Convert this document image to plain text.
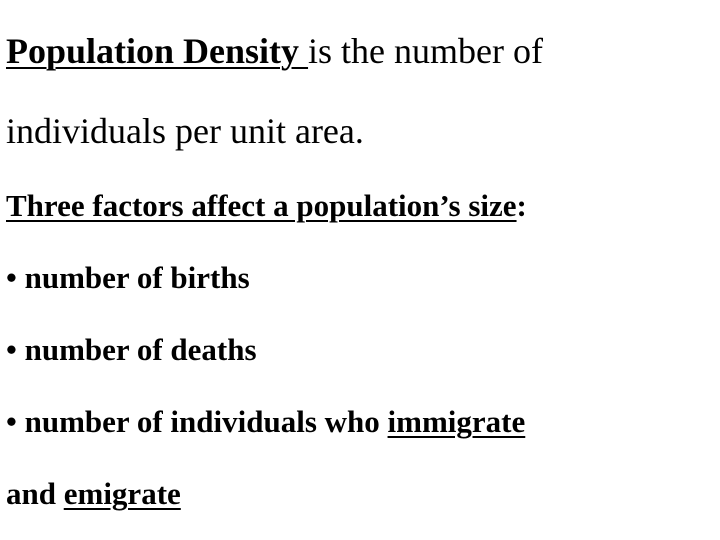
Population Density is the number of
individuals per unit area.
Three factors affect a population’s size:
• number of births
• number of deaths
• number of individuals who immigrate
and emigrate
